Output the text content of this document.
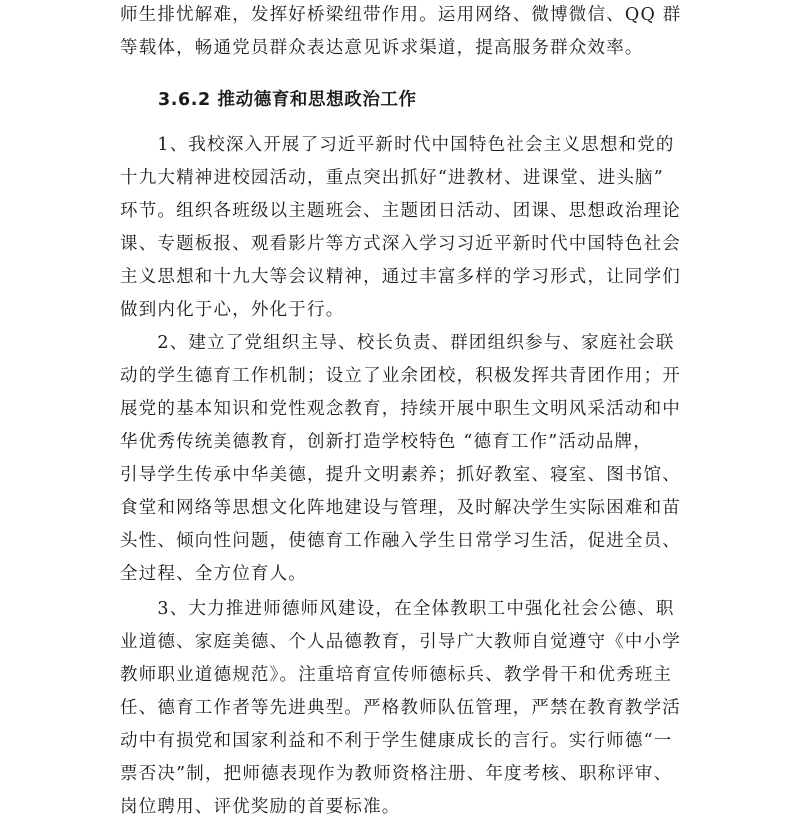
师生排忧解难，发挥好桥梁纽带作用。运用网络、微博微信、QQ 群
等载体，畅通党员群众表达意见诉求渠道，提高服务群众效率。
3.6.2 推动德育和思想政治工作
　　1、我校深入开展了习近平新时代中国特色社会主义思想和党的
十九大精神进校园活动，重点突出抓好“进教材、进课堂、进头脑”
环节。组织各班级以主题班会、主题团日活动、团课、思想政治理论
课、专题板报、观看影片等方式深入学习习近平新时代中国特色社会
主义思想和十九大等会议精神，通过丰富多样的学习形式，让同学们
做到内化于心，外化于行。
　　2、建立了党组织主导、校长负责、群团组织参与、家庭社会联
动的学生德育工作机制；设立了业余团校，积极发挥共青团作用；开
展党的基本知识和党性观念教育，持续开展中职生文明风采活动和中
华优秀传统美德教育，创新打造学校特色 “德育工作”活动品牌，
引导学生传承中华美德，提升文明素养；抓好教室、寝室、图书馆、
食堂和网络等思想文化阵地建设与管理，及时解决学生实际困难和苗
头性、倾向性问题，使德育工作融入学生日常学习生活，促进全员、
全过程、全方位育人。
　　3、大力推进师德师风建设，在全体教职工中强化社会公德、职
业道德、家庭美德、个人品德教育，引导广大教师自觉遵守《中小学
教师职业道德规范》。注重培育宣传师德标兵、教学骨干和优秀班主
任、德育工作者等先进典型。严格教师队伍管理，严禁在教育教学活
动中有损党和国家利益和不利于学生健康成长的言行。实行师德“一
票否决”制，把师德表现作为教师资格注册、年度考核、职称评审、
岗位聘用、评优奖励的首要标准。
